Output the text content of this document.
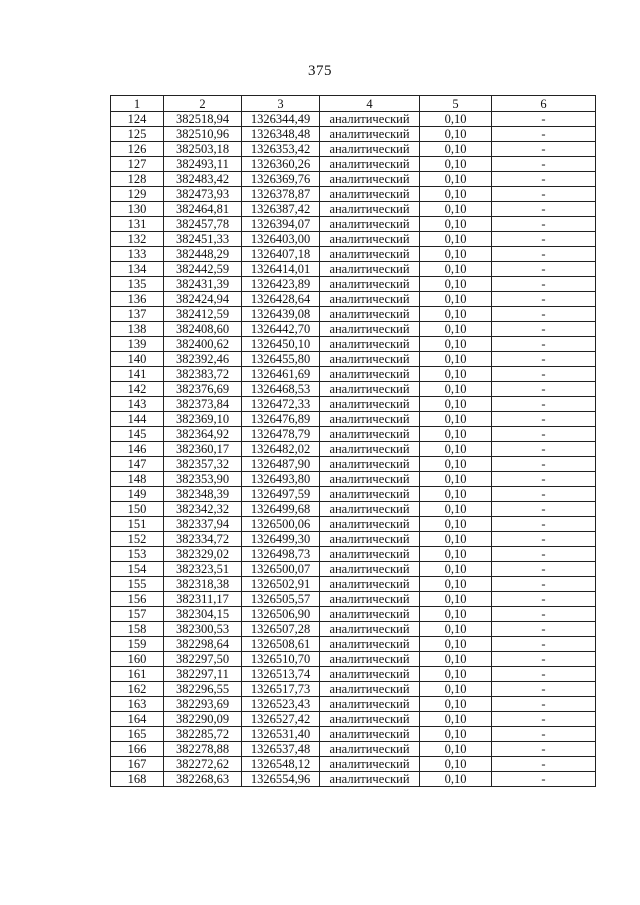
375
1	2	3	4	5	6
124	382518,94	1326344,49	аналитический	0,10	-
125	382510,96	1326348,48	аналитический	0,10	-
126	382503,18	1326353,42	аналитический	0,10	-
127	382493,11	1326360,26	аналитический	0,10	-
128	382483,42	1326369,76	аналитический	0,10	-
129	382473,93	1326378,87	аналитический	0,10	-
130	382464,81	1326387,42	аналитический	0,10	-
131	382457,78	1326394,07	аналитический	0,10	-
132	382451,33	1326403,00	аналитический	0,10	-
133	382448,29	1326407,18	аналитический	0,10	-
134	382442,59	1326414,01	аналитический	0,10	-
135	382431,39	1326423,89	аналитический	0,10	-
136	382424,94	1326428,64	аналитический	0,10	-
137	382412,59	1326439,08	аналитический	0,10	-
138	382408,60	1326442,70	аналитический	0,10	-
139	382400,62	1326450,10	аналитический	0,10	-
140	382392,46	1326455,80	аналитический	0,10	-
141	382383,72	1326461,69	аналитический	0,10	-
142	382376,69	1326468,53	аналитический	0,10	-
143	382373,84	1326472,33	аналитический	0,10	-
144	382369,10	1326476,89	аналитический	0,10	-
145	382364,92	1326478,79	аналитический	0,10	-
146	382360,17	1326482,02	аналитический	0,10	-
147	382357,32	1326487,90	аналитический	0,10	-
148	382353,90	1326493,80	аналитический	0,10	-
149	382348,39	1326497,59	аналитический	0,10	-
150	382342,32	1326499,68	аналитический	0,10	-
151	382337,94	1326500,06	аналитический	0,10	-
152	382334,72	1326499,30	аналитический	0,10	-
153	382329,02	1326498,73	аналитический	0,10	-
154	382323,51	1326500,07	аналитический	0,10	-
155	382318,38	1326502,91	аналитический	0,10	-
156	382311,17	1326505,57	аналитический	0,10	-
157	382304,15	1326506,90	аналитический	0,10	-
158	382300,53	1326507,28	аналитический	0,10	-
159	382298,64	1326508,61	аналитический	0,10	-
160	382297,50	1326510,70	аналитический	0,10	-
161	382297,11	1326513,74	аналитический	0,10	-
162	382296,55	1326517,73	аналитический	0,10	-
163	382293,69	1326523,43	аналитический	0,10	-
164	382290,09	1326527,42	аналитический	0,10	-
165	382285,72	1326531,40	аналитический	0,10	-
166	382278,88	1326537,48	аналитический	0,10	-
167	382272,62	1326548,12	аналитический	0,10	-
168	382268,63	1326554,96	аналитический	0,10	-
